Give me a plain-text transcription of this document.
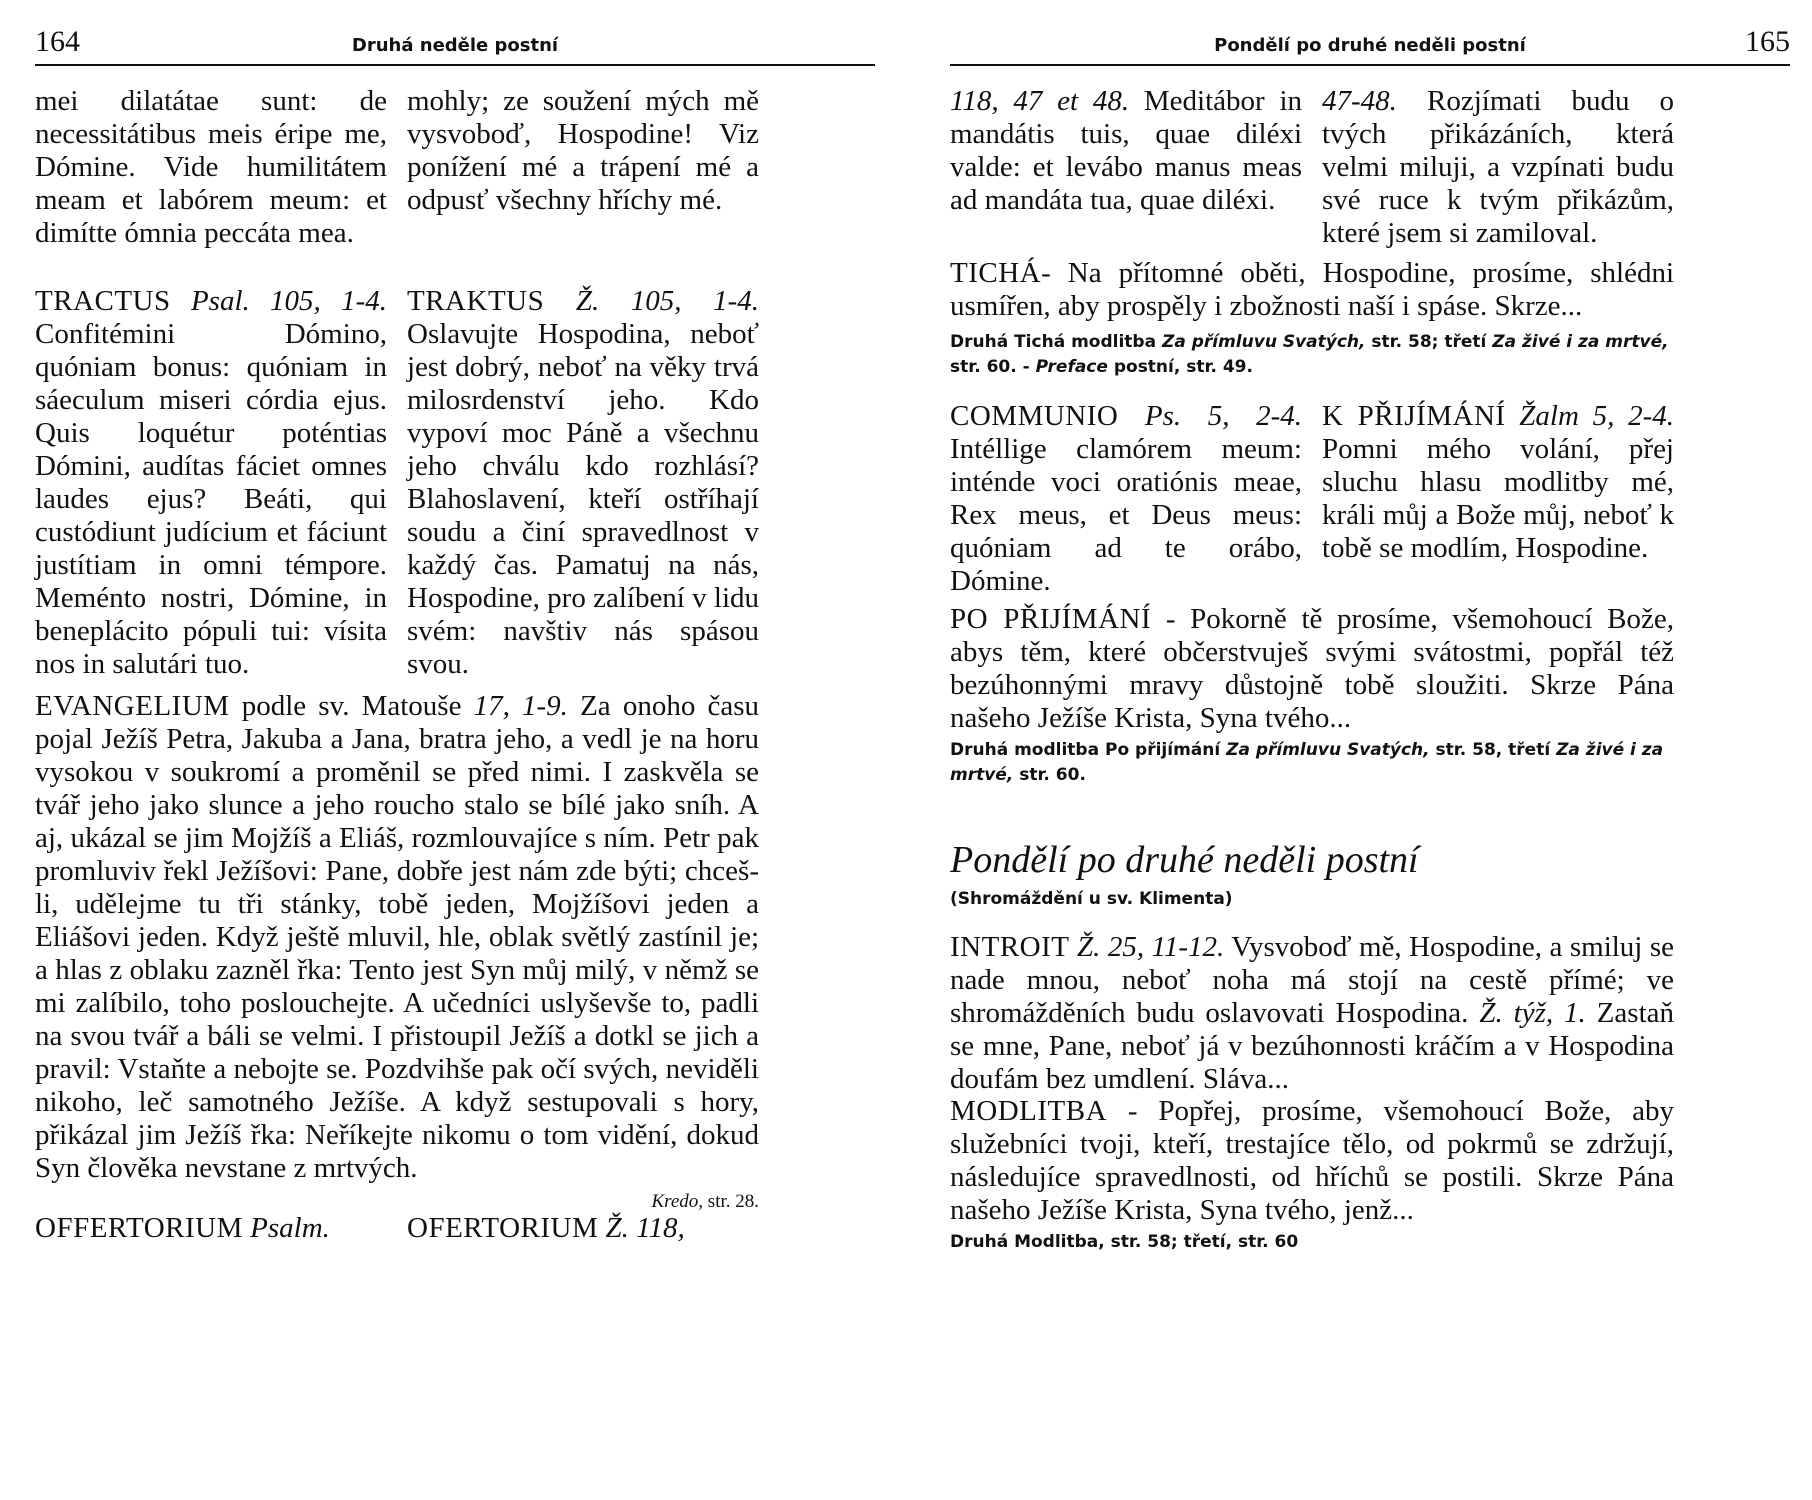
164	Druhá neděle postní

mei dilatátae sunt: de necessitátibus meis éripe me, Dómine. Vide humilitátem meam et labórem meum: et dimítte ómnia peccáta mea.

mohly; ze soužení mých mě vysvoboď, Hospodine! Viz ponížení mé a trápení mé a odpusť všechny hříchy mé.

TRACTUS Psal. 105, 1-4. Confitémini Dómino, quóniam bonus: quóniam in sáeculum miseri córdia ejus. Quis loquétur poténtias Dómini, audítas fáciet omnes laudes ejus? Beáti, qui custódiunt judícium et fáciunt justítiam in omni témpore. Meménto nostri, Dómine, in beneplácito pópuli tui: vísita nos in salutári tuo.

TRAKTUS Ž. 105, 1-4. Oslavujte Hospodina, neboť jest dobrý, neboť na věky trvá milosrdenství jeho. Kdo vypoví moc Páně a všechnu jeho chválu kdo rozhlásí? Blahoslavení, kteří ostříhají soudu a činí spravedlnost v každý čas. Pamatuj na nás, Hospodine, pro zalíbení v lidu svém: navštiv nás spásou svou.

EVANGELIUM podle sv. Matouše 17, 1-9. Za onoho času pojal Ježíš Petra, Jakuba a Jana, bratra jeho, a vedl je na horu vysokou v soukromí a proměnil se před nimi. I zaskvěla se tvář jeho jako slunce a jeho roucho stalo se bílé jako sníh. A aj, ukázal se jim Mojžíš a Eliáš, rozmlouvajíce s ním. Petr pak promluviv řekl Ježíšovi: Pane, dobře jest nám zde býti; chceš-li, udělejme tu tři stánky, tobě jeden, Mojžíšovi jeden a Eliášovi jeden. Když ještě mluvil, hle, oblak světlý zastínil je; a hlas z oblaku zazněl řka: Tento jest Syn můj milý, v němž se mi zalíbilo, toho poslouchejte. A učedníci uslyševše to, padli na svou tvář a báli se velmi. I přistoupil Ježíš a dotkl se jich a pravil: Vstaňte a nebojte se. Pozdvihše pak očí svých, neviděli nikoho, leč samotného Ježíše. A když sestupovali s hory, přikázal jim Ježíš řka: Neříkejte nikomu o tom vidění, dokud Syn člověka nevstane z mrtvých.

Kredo, str. 28.

OFFERTORIUM Psalm.	OFERTORIUM Ž. 118,

Pondělí po druhé neděli postní	165

118, 47 et 48. Meditábor in mandátis tuis, quae diléxi valde: et levábo manus meas ad mandáta tua, quae diléxi.

47-48. Rozjímati budu o tvých přikázáních, která velmi miluji, a vzpínati budu své ruce k tvým přikázům, které jsem si zamiloval.

TICHÁ- Na přítomné oběti, Hospodine, prosíme, shlédni usmířen, aby prospěly i zbožnosti naší i spáse. Skrze...

Druhá Tichá modlitba Za přímluvu Svatých, str. 58; třetí Za živé i za mrtvé, str. 60. - Preface postní, str. 49.

COMMUNIO Ps. 5, 2-4. Intéllige clamórem meum: inténde voci oratiónis meae, Rex meus, et Deus meus: quóniam ad te orábo, Dómine.

K PŘIJÍMÁNÍ Žalm 5, 2-4. Pomni mého volání, přej sluchu hlasu modlitby mé, králi můj a Bože můj, neboť k tobě se modlím, Hospodine.

PO PŘIJÍMÁNÍ - Pokorně tě prosíme, všemohoucí Bože, abys těm, které občerstvuješ svými svátostmi, popřál též bezúhonnými mravy důstojně tobě sloužiti. Skrze Pána našeho Ježíše Krista, Syna tvého...

Druhá modlitba Po přijímání Za přímluvu Svatých, str. 58, třetí Za živé i za mrtvé, str. 60.
Pondělí po druhé neděli postní
(Shromáždění u sv. Klimenta)

INTROIT Ž. 25, 11-12. Vysvoboď mě, Hospodine, a smiluj se nade mnou, neboť noha má stojí na cestě přímé; ve shromážděních budu oslavovati Hospodina. Ž. týž, 1. Zastaň se mne, Pane, neboť já v bezúhonnosti kráčím a v Hospodina doufám bez umdlení. Sláva...

MODLITBA - Popřej, prosíme, všemohoucí Bože, aby služebníci tvoji, kteří, trestajíce tělo, od pokrmů se zdržují, následujíce spravedlnosti, od hříchů se postili. Skrze Pána našeho Ježíše Krista, Syna tvého, jenž...

Druhá Modlitba, str. 58; třetí, str. 60
